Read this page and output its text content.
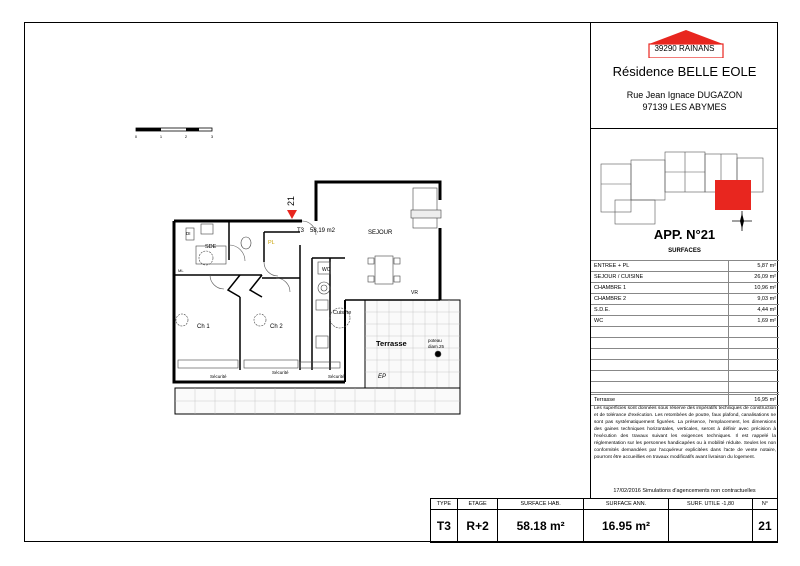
0	1	2	3
21
T3 58,19 m2	SEJOUR
SDE
WC
PL
Ch 1	Ch 2
Cuisine
Terrasse
VR
EP
DI
ML
poteau
diam.25
Sécurité
Sécurité
Sécurité
39290 RAINANS
Résidence BELLE EOLE
Rue Jean Ignace DUGAZON
97139 LES ABYMES
APP. N°21
SURFACES
ENTREE + PL	5,87 m²
SEJOUR / CUISINE	26,09 m²
CHAMBRE 1	10,96 m²
CHAMBRE 2	9,03 m²
S.D.E.	4,44 m²
WC	1,69 m²

Terrasse	16,95 m²
Les superficies sont données sous réserve des impératifs techniques de construction et de tolérance d'exécution. Les retombées de poutre, faux plafond, canalisations ne sont pas systématiquement figurées. La présence, l'emplacement, les dimensions des gaines techniques horizontales, verticales, seront à définir avec précision à l'exécution des travaux suivant les exigences techniques. Il est rappelé la réglementation sur les personnes handicapées ou à mobilité réduite. Seules les non conformités demandées par l'acquéreur explicitées dans l'acte de vente notaire, pourront être accueillies en travaux modificatifs avant livraison du logement.
17/02/2016 Simulations d'agencements non contractuelles
TYPE	ETAGE	SURFACE HAB.	SURFACE ANN.	SURF. UTILE -1,80	N°
T3	R+2	58.18 m²	16.95 m²		21
